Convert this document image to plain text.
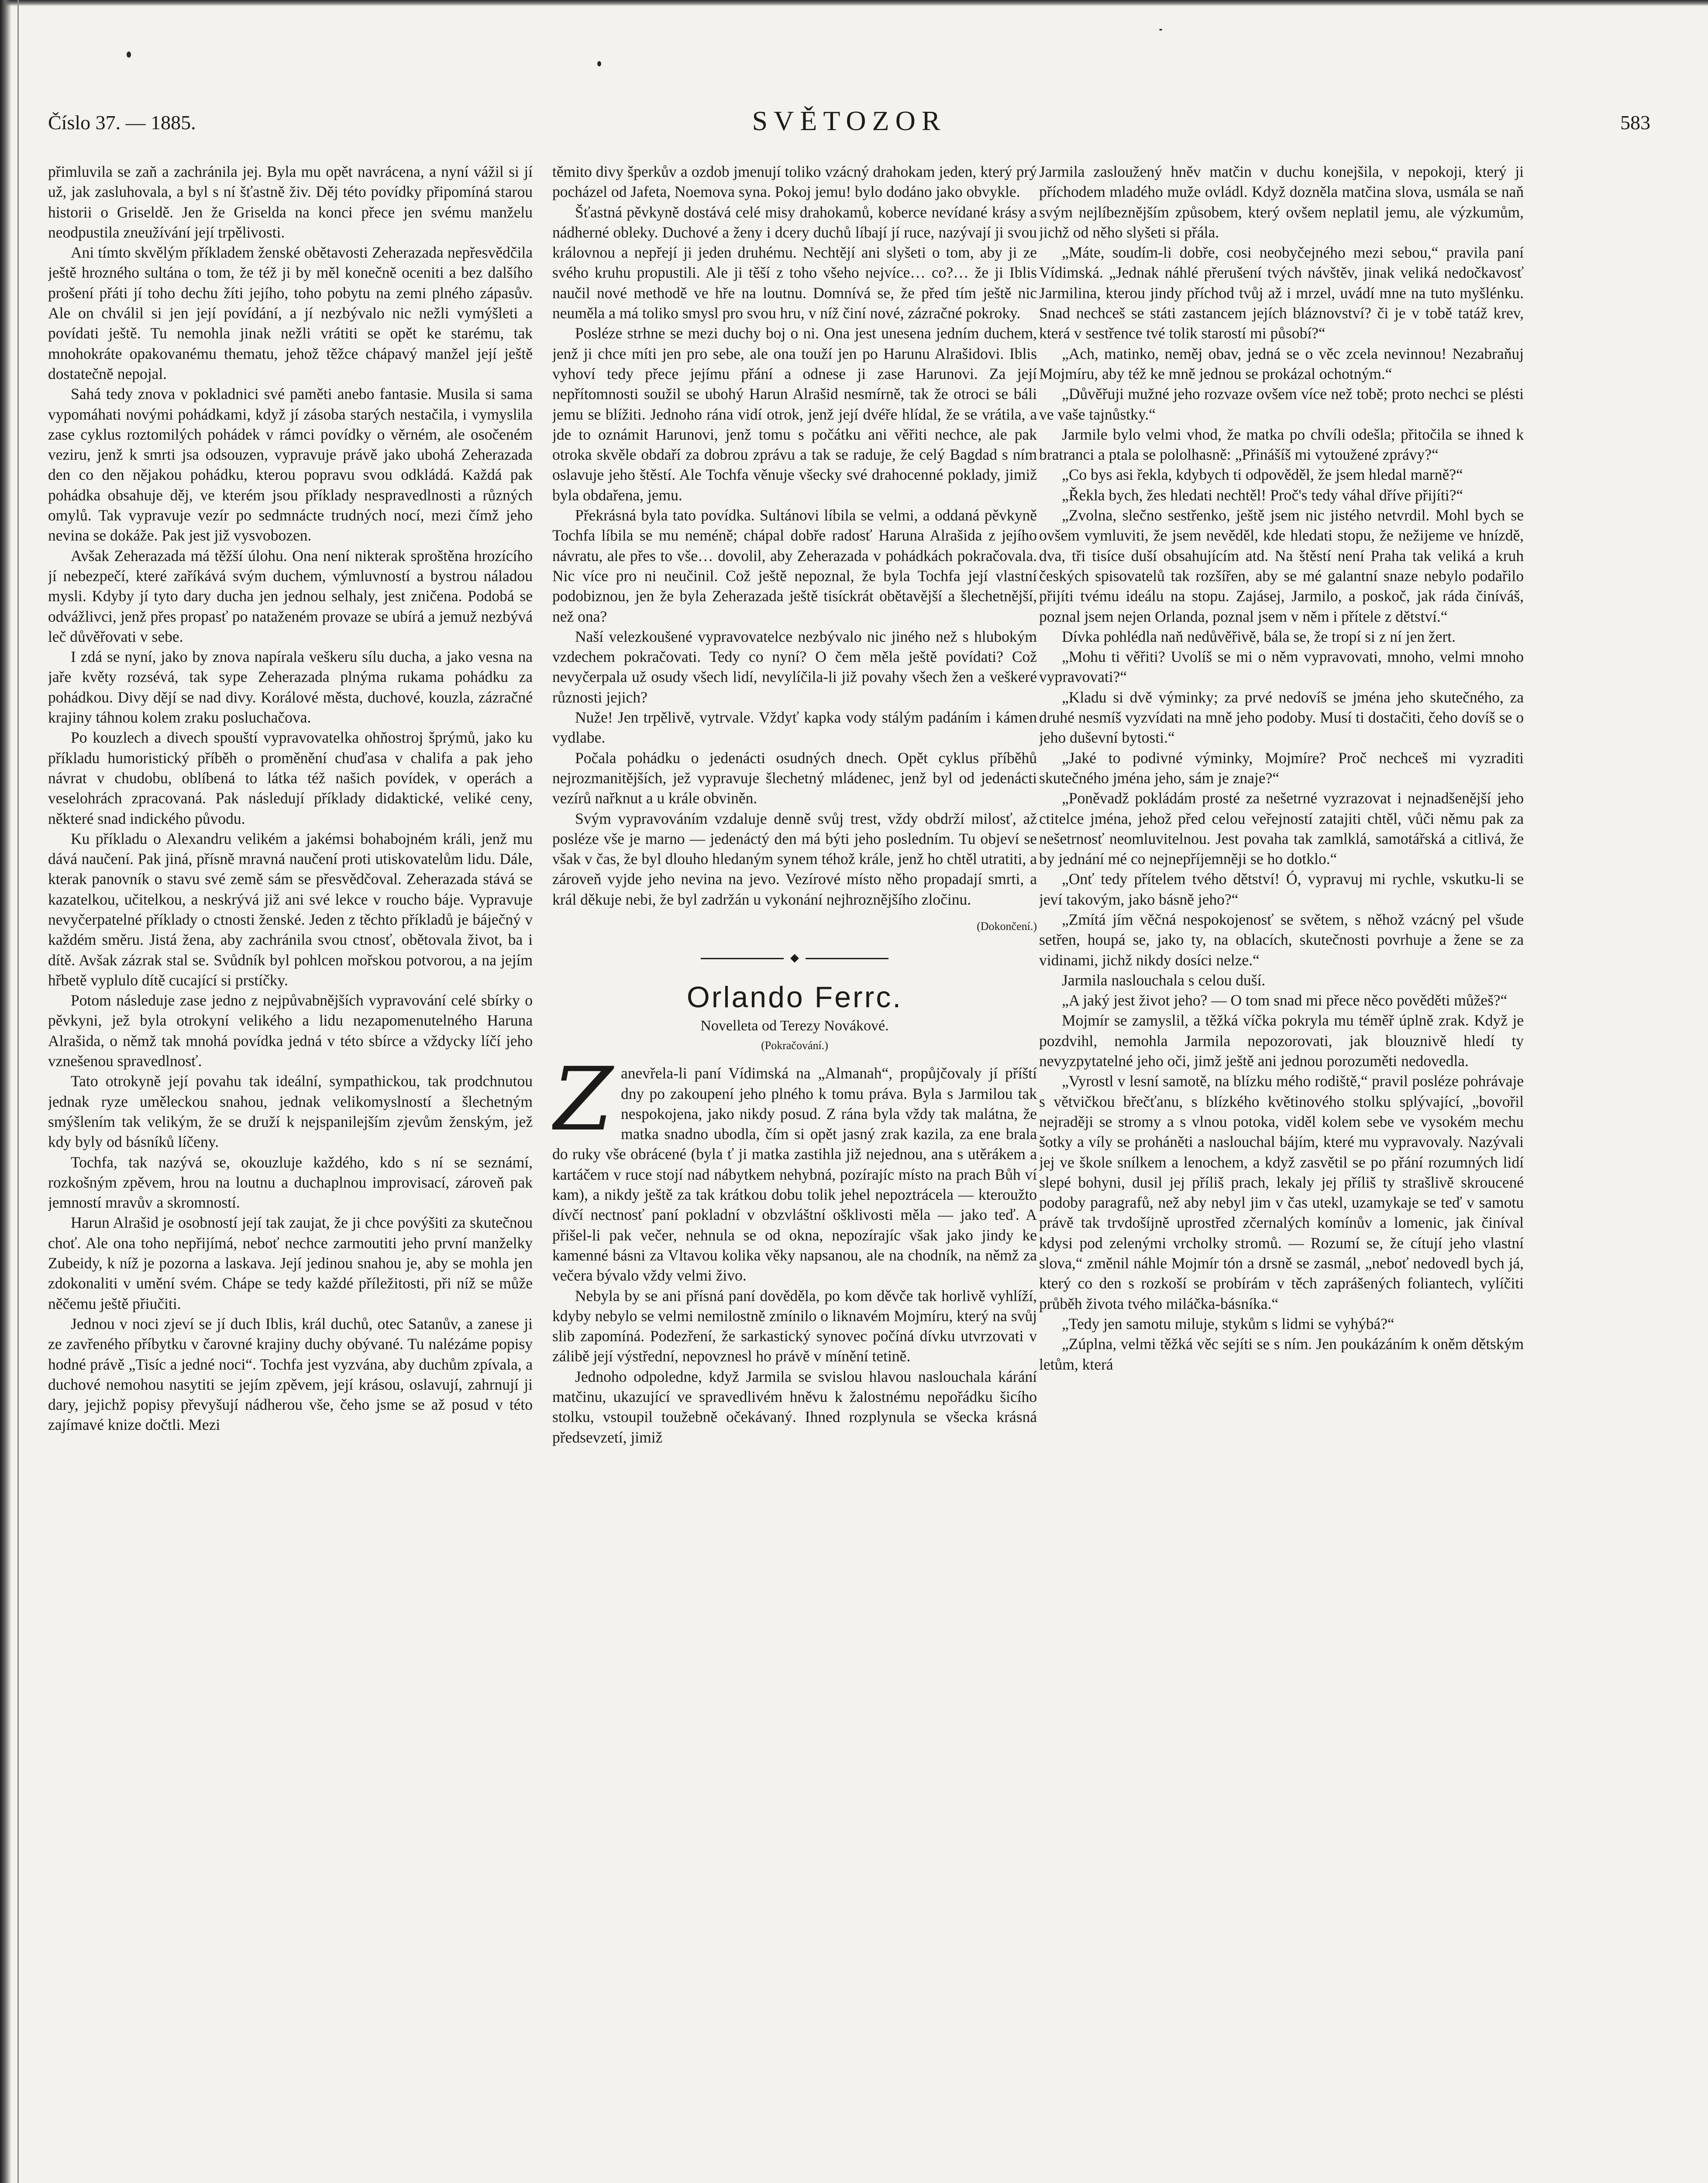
Číslo 37. — 1885.	SVĚTOZOR	583

přimluvila se zaň a zachránila jej. Byla mu opět navrácena, a nyní vážil si jí už, jak zasluhovala, a byl s ní šťastně živ. Děj této povídky připomíná starou historii o Griseldě. Jen že Griselda na konci přece jen svému manželu neodpustila zneužívání její trpělivosti.

Ani tímto skvělým příkladem ženské obětavosti Zeherazada nepřesvědčila ještě hrozného sultána o tom, že též ji by měl konečně oceniti a bez dalšího prošení přáti jí toho dechu žíti jejího, toho pobytu na zemi plného zápasův. Ale on chválil si jen její povídání, a jí nezbývalo nic nežli vymýšleti a povídati ještě. Tu nemohla jinak nežli vrátiti se opět ke starému, tak mnohokráte opakovanému thematu, jehož těžce chápavý manžel její ještě dostatečně nepojal.

Sahá tedy znova v pokladnici své paměti anebo fantasie. Musila si sama vypomáhati novými pohádkami, když jí zásoba starých nestačila, i vymyslila zase cyklus roztomilých pohádek v rámci povídky o věrném, ale osočeném veziru, jenž k smrti jsa odsouzen, vypravuje právě jako ubohá Zeherazada den co den nějakou pohádku, kterou popravu svou odkládá. Každá pak pohádka obsahuje děj, ve kterém jsou příklady nespravedlnosti a různých omylů. Tak vypravuje vezír po sedmnácte trudných nocí, mezi čímž jeho nevina se dokáže. Pak jest již vysvobozen.

Avšak Zeherazada má těžší úlohu. Ona není nikterak sproštěna hrozícího jí nebezpečí, které zaříkává svým duchem, výmluvností a bystrou náladou mysli. Kdyby jí tyto dary ducha jen jednou selhaly, jest zničena. Podobá se odvážlivci, jenž přes propasť po nataženém provaze se ubírá a jemuž nezbývá leč důvěřovati v sebe.

I zdá se nyní, jako by znova napírala veškeru sílu ducha, a jako vesna na jaře květy rozsévá, tak sype Zeherazada plnýma rukama pohádku za pohádkou. Divy dějí se nad divy. Korálové města, duchové, kouzla, zázračné krajiny táhnou kolem zraku posluchačova.

Po kouzlech a divech spouští vypravovatelka ohňostroj šprýmů, jako ku příkladu humoristický příběh o proměnění chuďasa v chalifa a pak jeho návrat v chudobu, oblíbená to látka též našich povídek, v operách a veselohrách zpracovaná. Pak následují příklady didaktické, veliké ceny, některé snad indického původu.

Ku příkladu o Alexandru velikém a jakémsi bohabojném králi, jenž mu dává naučení. Pak jiná, přísně mravná naučení proti utiskovatelům lidu. Dále, kterak panovník o stavu své země sám se přesvědčoval. Zeherazada stává se kazatelkou, učitelkou, a neskrývá již ani své lekce v roucho báje. Vypravuje nevyčerpatelné příklady o ctnosti ženské. Jeden z těchto příkladů je báječný v každém směru. Jistá žena, aby zachránila svou ctnosť, obětovala život, ba i dítě. Avšak zázrak stal se. Svůdník byl pohlcen mořskou potvorou, a na jejím hřbetě vyplulo dítě cucající si prstíčky.

Potom následuje zase jedno z nejpůvabnějších vypravování celé sbírky o pěvkyni, jež byla otrokyní velikého a lidu nezapomenutelného Haruna Alrašida, o němž tak mnohá povídka jedná v této sbírce a vždycky líčí jeho vznešenou spravedlnosť.

Tato otrokyně její povahu tak ideální, sympathickou, tak prodchnutou jednak ryze uměleckou snahou, jednak velikomyslností a šlechetným smýšlením tak velikým, že se druží k nejspanilejším zjevům ženským, jež kdy byly od básníků líčeny.

Tochfa, tak nazývá se, okouzluje každého, kdo s ní se seznámí, rozkošným zpěvem, hrou na loutnu a duchaplnou improvisací, zároveň pak jemností mravův a skromností.

Harun Alrašid je osobností její tak zaujat, že ji chce povýšiti za skutečnou choť. Ale ona toho nepřijímá, neboť nechce zarmoutiti jeho první manželky Zubeidy, k níž je pozorna a laskava. Její jedinou snahou je, aby se mohla jen zdokonaliti v umění svém. Chápe se tedy každé příležitosti, při níž se může něčemu ještě přiučiti.

Jednou v noci zjeví se jí duch Iblis, král duchů, otec Satanův, a zanese ji ze zavřeného příbytku v čarovné krajiny duchy obývané. Tu nalézáme popisy hodné právě „Tisíc a jedné noci“. Tochfa jest vyzvána, aby duchům zpívala, a duchové nemohou nasytiti se jejím zpěvem, její krásou, oslavují, zahrnují ji dary, jejichž popisy převyšují nádherou vše, čeho jsme se až posud v této zajímavé knize dočtli. Mezi

těmito divy šperkův a ozdob jmenují toliko vzácný drahokam jeden, který prý pocházel od Jafeta, Noemova syna. Pokoj jemu! bylo dodáno jako obvykle.

Šťastná pěvkyně dostává celé misy drahokamů, koberce nevídané krásy a nádherné obleky. Duchové a ženy i dcery duchů líbají jí ruce, nazývají ji svou královnou a nepřejí ji jeden druhému. Nechtějí ani slyšeti o tom, aby ji ze svého kruhu propustili. Ale ji těší z toho všeho nejvíce… co?… že ji Iblis naučil nové methodě ve hře na loutnu. Domnívá se, že před tím ještě nic neuměla a má toliko smysl pro svou hru, v níž činí nové, zázračné pokroky.

Posléze strhne se mezi duchy boj o ni. Ona jest unesena jedním duchem, jenž ji chce míti jen pro sebe, ale ona touží jen po Harunu Alrašidovi. Iblis vyhoví tedy přece jejímu přání a odnese ji zase Harunovi. Za její nepřítomnosti soužil se ubohý Harun Alrašid nesmírně, tak že otroci se báli jemu se blížiti. Jednoho rána vidí otrok, jenž její dvéře hlídal, že se vrátila, a jde to oznámit Harunovi, jenž tomu s počátku ani věřiti nechce, ale pak otroka skvěle obdaří za dobrou zprávu a tak se raduje, že celý Bagdad s ním oslavuje jeho štěstí. Ale Tochfa věnuje všecky své drahocenné poklady, jimiž byla obdařena, jemu.

Překrásná byla tato povídka. Sultánovi líbila se velmi, a oddaná pěvkyně Tochfa líbila se mu neméně; chápal dobře radosť Haruna Alrašida z jejího návratu, ale přes to vše… dovolil, aby Zeherazada v pohádkách pokračovala. Nic více pro ni neučinil. Což ještě nepoznal, že byla Tochfa její vlastní podobiznou, jen že byla Zeherazada ještě tisíckrát obětavější a šlechetnější, než ona?

Naší velezkoušené vypravovatelce nezbývalo nic jiného než s hlubokým vzdechem pokračovati. Tedy co nyní? O čem měla ještě povídati? Což nevyčerpala už osudy všech lidí, nevylíčila-li již povahy všech žen a veškeré různosti jejich?

Nuže! Jen trpělivě, vytrvale. Vždyť kapka vody stálým padáním i kámen vydlabe.

Počala pohádku o jedenácti osudných dnech. Opět cyklus příběhů nejrozmanitějších, jež vypravuje šlechetný mládenec, jenž byl od jedenácti vezírů nařknut a u krále obviněn.

Svým vypravováním vzdaluje denně svůj trest, vždy obdrží milosť, až posléze vše je marno — jedenáctý den má býti jeho posledním. Tu objeví se však v čas, že byl dlouho hledaným synem téhož krále, jenž ho chtěl utratiti, a zároveň vyjde jeho nevina na jevo. Vezírové místo něho propadají smrti, a král děkuje nebi, že byl zadržán u vykonání nejhroznějšího zločinu.

(Dokončení.)
Orlando Ferrc.
Novelleta od Terezy Novákové.
(Pokračování.)

Zanevřela-li paní Vídimská na „Almanah“, propůjčovaly jí příští dny po zakoupení jeho plného k tomu práva. Byla s Jarmilou tak nespokojena, jako nikdy posud. Z rána byla vždy tak malátna, že matka snadno ubodla, čím si opět jasný zrak kazila, za ene brala do ruky vše obrácené (byla ť ji matka zastihla již nejednou, ana s utěrákem a kartáčem v ruce stojí nad nábytkem nehybná, pozírajíc místo na prach Bůh ví kam), a nikdy ještě za tak krátkou dobu tolik jehel nepoztrácela — kteroužto dívčí nectnosť paní pokladní v obzvláštní ošklivosti měla — jako teď. A přišel-li pak večer, nehnula se od okna, nepozírajíc však jako jindy ke kamenné básni za Vltavou kolika věky napsanou, ale na chodník, na němž za večera bývalo vždy velmi živo.

Nebyla by se ani přísná paní dověděla, po kom děvče tak horlivě vyhlíží, kdyby nebylo se velmi nemilostně zmínilo o liknavém Mojmíru, který na svůj slib zapomíná. Podezření, že sarkastický synovec počíná dívku utvrzovati v zálibě její výstřední, nepovznesl ho právě v mínění tetině.

Jednoho odpoledne, když Jarmila se svislou hlavou naslouchala kárání matčinu, ukazující ve spravedlivém hněvu k žalostnému nepořádku šicího stolku, vstoupil toužebně očekávaný. Ihned rozplynula se všecka krásná předsevzetí, jimiž

Jarmila zasloužený hněv matčin v duchu konejšila, v nepokoji, který ji příchodem mladého muže ovládl. Když dozněla matčina slova, usmála se naň svým nejlíbeznějším způsobem, který ovšem neplatil jemu, ale výzkumům, jichž od něho slyšeti si přála.

„Máte, soudím-li dobře, cosi neobyčejného mezi sebou,“ pravila paní Vídimská. „Jednak náhlé přerušení tvých návštěv, jinak veliká nedočkavosť Jarmilina, kterou jindy příchod tvůj až i mrzel, uvádí mne na tuto myšlénku. Snad nechceš se státi zastancem jejích bláznovství? či je v tobě tatáž krev, která v sestřence tvé tolik starostí mi působí?“

„Ach, matinko, neměj obav, jedná se o věc zcela nevinnou! Nezabraňuj Mojmíru, aby též ke mně jednou se prokázal ochotným.“

„Důvěřuji mužné jeho rozvaze ovšem více než tobě; proto nechci se plésti ve vaše tajnůstky.“

Jarmile bylo velmi vhod, že matka po chvíli odešla; přitočila se ihned k bratranci a ptala se pololhasně: „Přinášíš mi vytoužené zprávy?“

„Co bys asi řekla, kdybych ti odpověděl, že jsem hledal marně?“

„Řekla bych, žes hledati nechtěl! Proč's tedy váhal dříve přijíti?“

„Zvolna, slečno sestřenko, ještě jsem nic jistého netvrdil. Mohl bych se ovšem vymluviti, že jsem nevěděl, kde hledati stopu, že nežijeme ve hnízdě, dva, tři tisíce duší obsahujícím atd. Na štěstí není Praha tak veliká a kruh českých spisovatelů tak rozšířen, aby se mé galantní snaze nebylo podařilo přijíti tvému ideálu na stopu. Zajásej, Jarmilo, a poskoč, jak ráda činíváš, poznal jsem nejen Orlanda, poznal jsem v něm i přítele z dětství.“

Dívka pohlédla naň nedůvěřivě, bála se, že tropí si z ní jen žert.

„Mohu ti věřiti? Uvolíš se mi o něm vypravovati, mnoho, velmi mnoho vypravovati?“

„Kladu si dvě výminky; za prvé nedovíš se jména jeho skutečného, za druhé nesmíš vyzvídati na mně jeho podoby. Musí ti dostačiti, čeho dovíš se o jeho duševní bytosti.“

„Jaké to podivné výminky, Mojmíre? Proč nechceš mi vyzraditi skutečného jména jeho, sám je znaje?“

„Poněvadž pokládám prosté za nešetrné vyzrazovat i nejnadšenější jeho ctitelce jména, jehož před celou veřejností zatajiti chtěl, vůči němu pak za nešetrnosť neomluvitelnou. Jest povaha tak zamlklá, samotářská a citlivá, že by jednání mé co nejnepříjemněji se ho dotklo.“

„Onť tedy přítelem tvého dětství! Ó, vypravuj mi rychle, vskutku-li se jeví takovým, jako básně jeho?“

„Zmítá jím věčná nespokojenosť se světem, s něhož vzácný pel všude setřen, houpá se, jako ty, na oblacích, skutečnosti povrhuje a žene se za vidinami, jichž nikdy dosíci nelze.“

Jarmila naslouchala s celou duší.

„A jaký jest život jeho? — O tom snad mi přece něco pověděti můžeš?“

Mojmír se zamyslil, a těžká víčka pokryla mu téměř úplně zrak. Když je pozdvihl, nemohla Jarmila nepozorovati, jak blouznivě hledí ty nevyzpytatelné jeho oči, jimž ještě ani jednou porozuměti nedovedla.

„Vyrostl v lesní samotě, na blízku mého rodiště,“ pravil posléze pohrávaje s větvičkou břečťanu, s blízkého květinového stolku splývající, „bovořil nejraději se stromy a s vlnou potoka, viděl kolem sebe ve vysokém mechu šotky a víly se proháněti a naslouchal bájím, které mu vypravovaly. Nazývali jej ve škole snílkem a lenochem, a když zasvětil se po přání rozumných lidí slepé bohyni, dusil jej příliš prach, lekaly jej příliš ty strašlivě skroucené podoby paragrafů, než aby nebyl jim v čas utekl, uzamykaje se teď v samotu právě tak trvdošíjně uprostřed zčernalých komínův a lomenic, jak činíval kdysi pod zelenými vrcholky stromů. — Rozumí se, že cítují jeho vlastní slova,“ změnil náhle Mojmír tón a drsně se zasmál, „neboť nedovedl bych já, který co den s rozkoší se probírám v těch zaprášených foliantech, vylíčiti průběh života tvého miláčka-básníka.“

„Tedy jen samotu miluje, stykům s lidmi se vyhýbá?“

„Zúplna, velmi těžká věc sejíti se s ním. Jen poukázáním k oněm dětským letům, která
